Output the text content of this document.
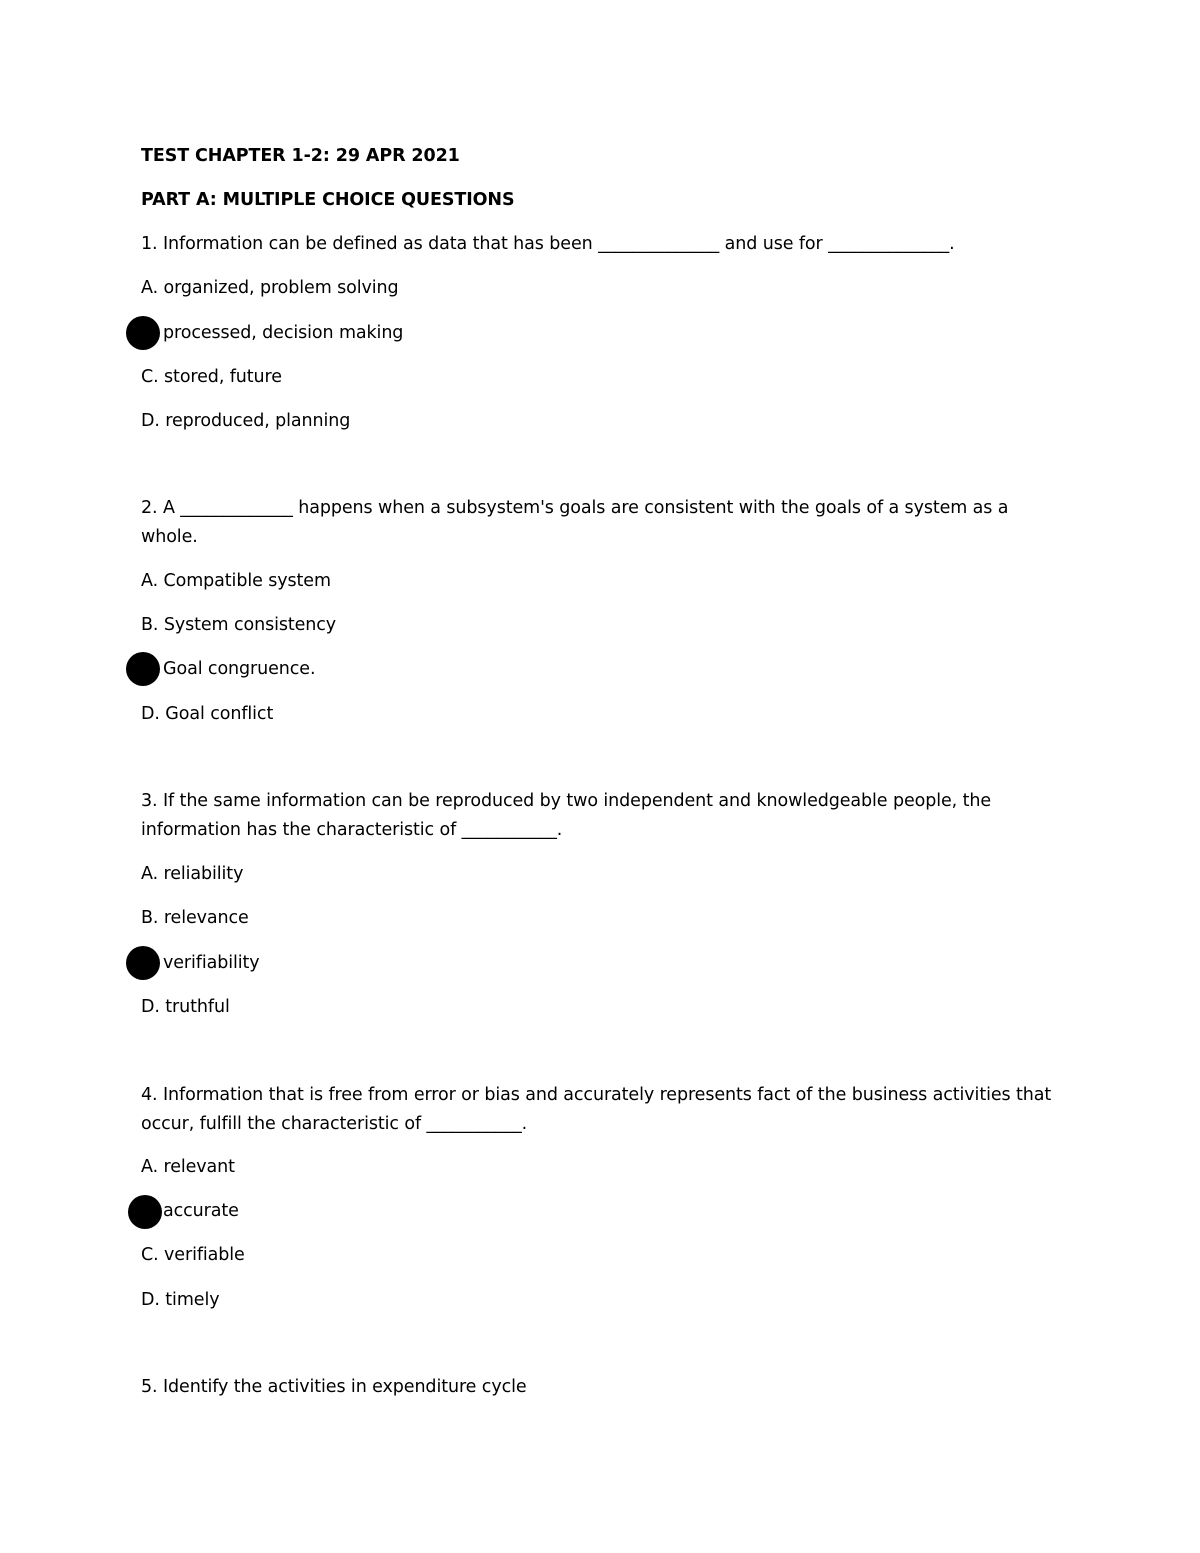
TEST CHAPTER 1-2: 29 APR 2021
PART A: MULTIPLE CHOICE QUESTIONS
1. Information can be defined as data that has been ______________ and use for ______________.
A. organized, problem solving
processed, decision making
C. stored, future
D. reproduced, planning
2. A _____________ happens when a subsystem's goals are consistent with the goals of a system as a
whole.
A. Compatible system
B. System consistency
Goal congruence.
D. Goal conflict
3. If the same information can be reproduced by two independent and knowledgeable people, the
information has the characteristic of ___________.
A. reliability
B. relevance
verifiability
D. truthful
4. Information that is free from error or bias and accurately represents fact of the business activities that
occur, fulfill the characteristic of ___________.
A. relevant
accurate
C. verifiable
D. timely
5. Identify the activities in expenditure cycle
